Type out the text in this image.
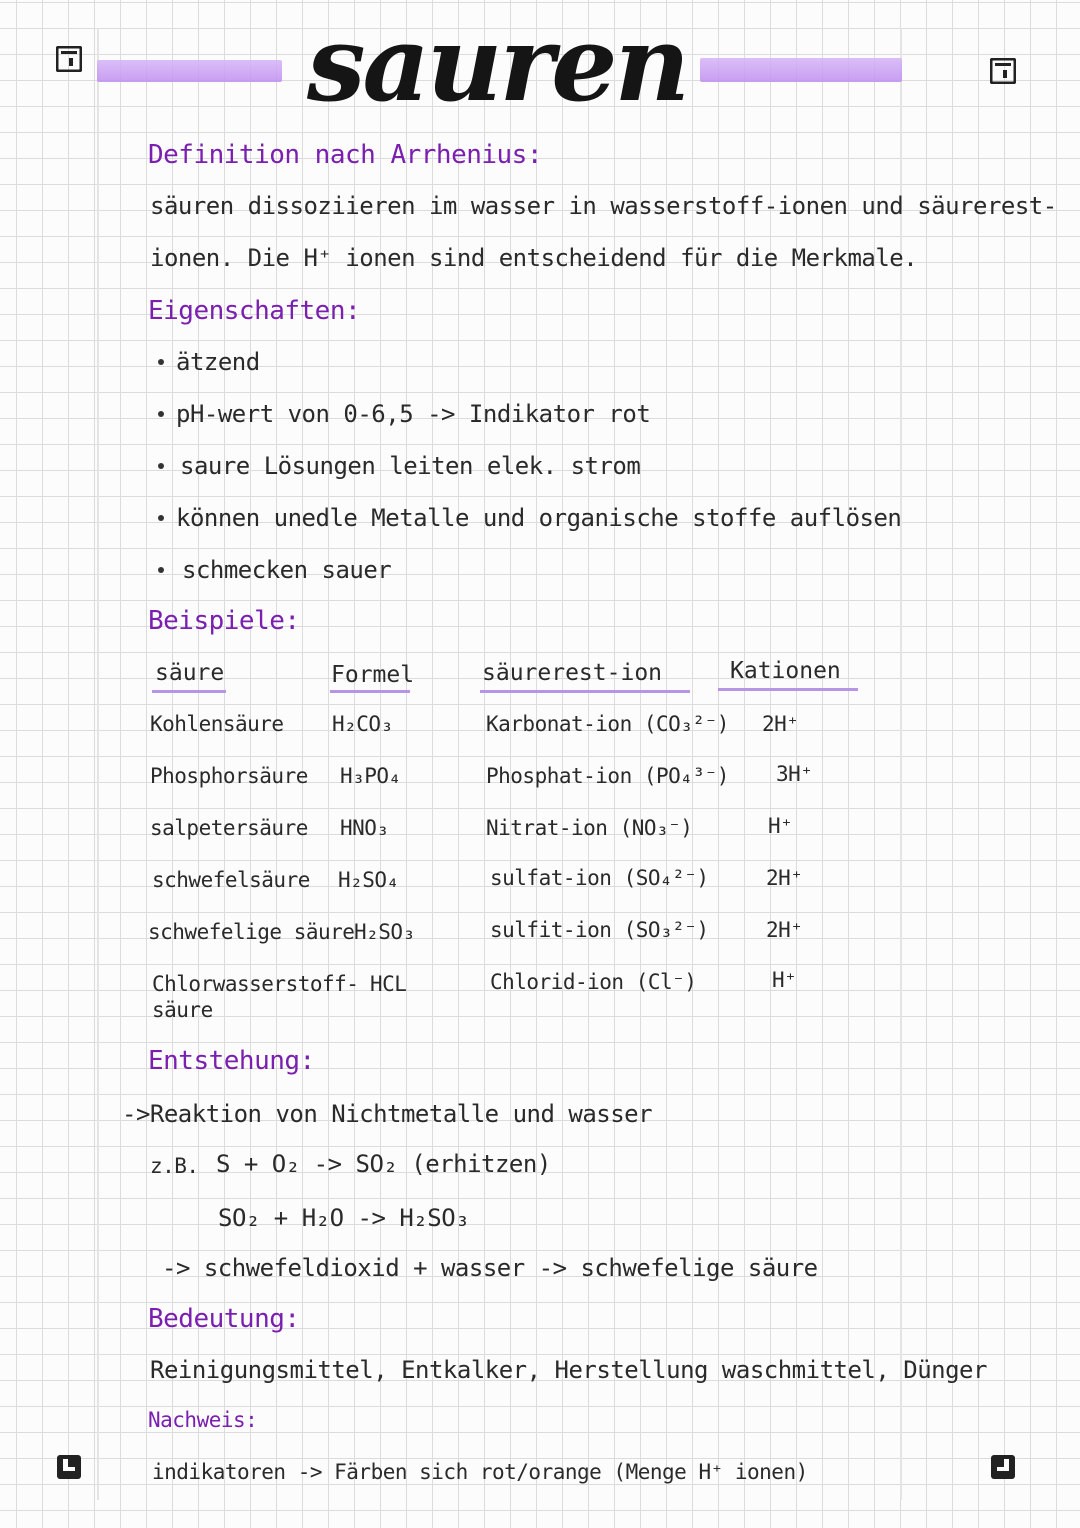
sauren
Definition nach Arrhenius:
säuren dissoziieren im wasser in wasserstoff-ionen und säurerest-
ionen. Die H⁺ ionen sind entscheidend für die Merkmale.
Eigenschaften:
ätzend
pH-wert von 0-6,5 -> Indikator rot
saure Lösungen leiten elek. strom
können unedle Metalle und organische stoffe auflösen
schmecken sauer
Beispiele:
säure	Formel	säurerest-ion	Kationen
Kohlensäure H₂CO₃	Karbonat-ion (CO₃²⁻) 2H⁺
Phosphorsäure H₃PO₄	Phosphat-ion (PO₄³⁻) 3H⁺
salpetersäure HNO₃	Nitrat-ion (NO₃⁻)	H⁺
schwefelsäure H₂SO₄	sulfat-ion (SO₄²⁻)	2H⁺
schwefelige säure H₂SO₃	sulfit-ion (SO₃²⁻)	2H⁺
Chlorwasserstoff-
säure
HCL	Chlorid-ion (Cl⁻)	H⁺
Entstehung:
->Reaktion von Nichtmetalle und wasser
z.B. S + O₂ -> SO₂ (erhitzen)
SO₂ + H₂O -> H₂SO₃
-> schwefeldioxid + wasser -> schwefelige säure
Bedeutung:
Reinigungsmittel, Entkalker, Herstellung waschmittel, Dünger
Nachweis:
indikatoren -> Färben sich rot/orange (Menge H⁺ ionen)
